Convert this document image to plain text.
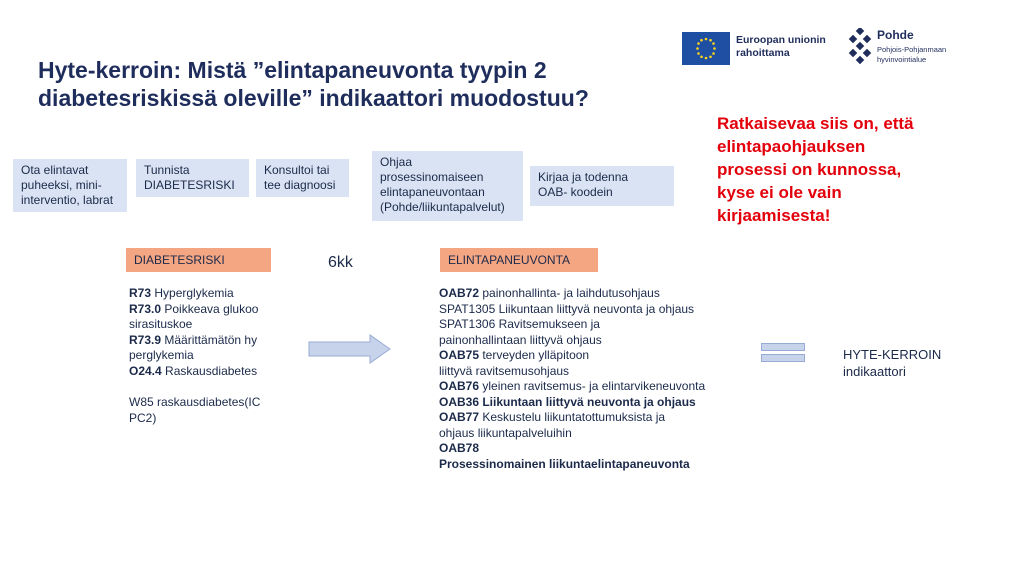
Euroopan unionin
rahoittama
Pohde
Pohjois-Pohjanmaan
hyvinvointialue
Hyte-kerroin: Mistä ”elintapaneuvonta tyypin 2
diabetesriskissä oleville” indikaattori muodostuu?
Ota elintavat
puheeksi, mini-
interventio, labrat
Tunnista
DIABETESRISKI
Konsultoi tai
tee diagnoosi
Ohjaa
prosessinomaiseen
elintapaneuvontaan
(Pohde/liikuntapalvelut)
Kirjaa ja todenna
OAB- koodein
Ratkaisevaa siis on, että
elintapaohjauksen
prosessi on kunnossa,
kyse ei ole vain
kirjaamisesta!
DIABETESRISKI
R73 Hyperglykemia
R73.0 Poikkeava glukoo
sirasituskoe
R73.9 Määrittämätön hy
perglykemia
O24.4 Raskausdiabetes
W85 raskausdiabetes(IC
PC2)
6kk	ELINTAPANEUVONTA
OAB72 painonhallinta- ja laihdutusohjaus
SPAT1305 Liikuntaan liittyvä neuvonta ja ohjaus
SPAT1306 Ravitsemukseen ja
painonhallintaan liittyvä ohjaus
OAB75 terveyden ylläpitoon
liittyvä ravitsemusohjaus
OAB76 yleinen ravitsemus- ja elintarvikeneuvonta
OAB36 Liikuntaan liittyvä neuvonta ja ohjaus
OAB77 Keskustelu liikuntatottumuksista ja
ohjaus liikuntapalveluihin
OAB78
Prosessinomainen liikuntaelintapaneuvonta
HYTE-KERROIN
indikaattori
